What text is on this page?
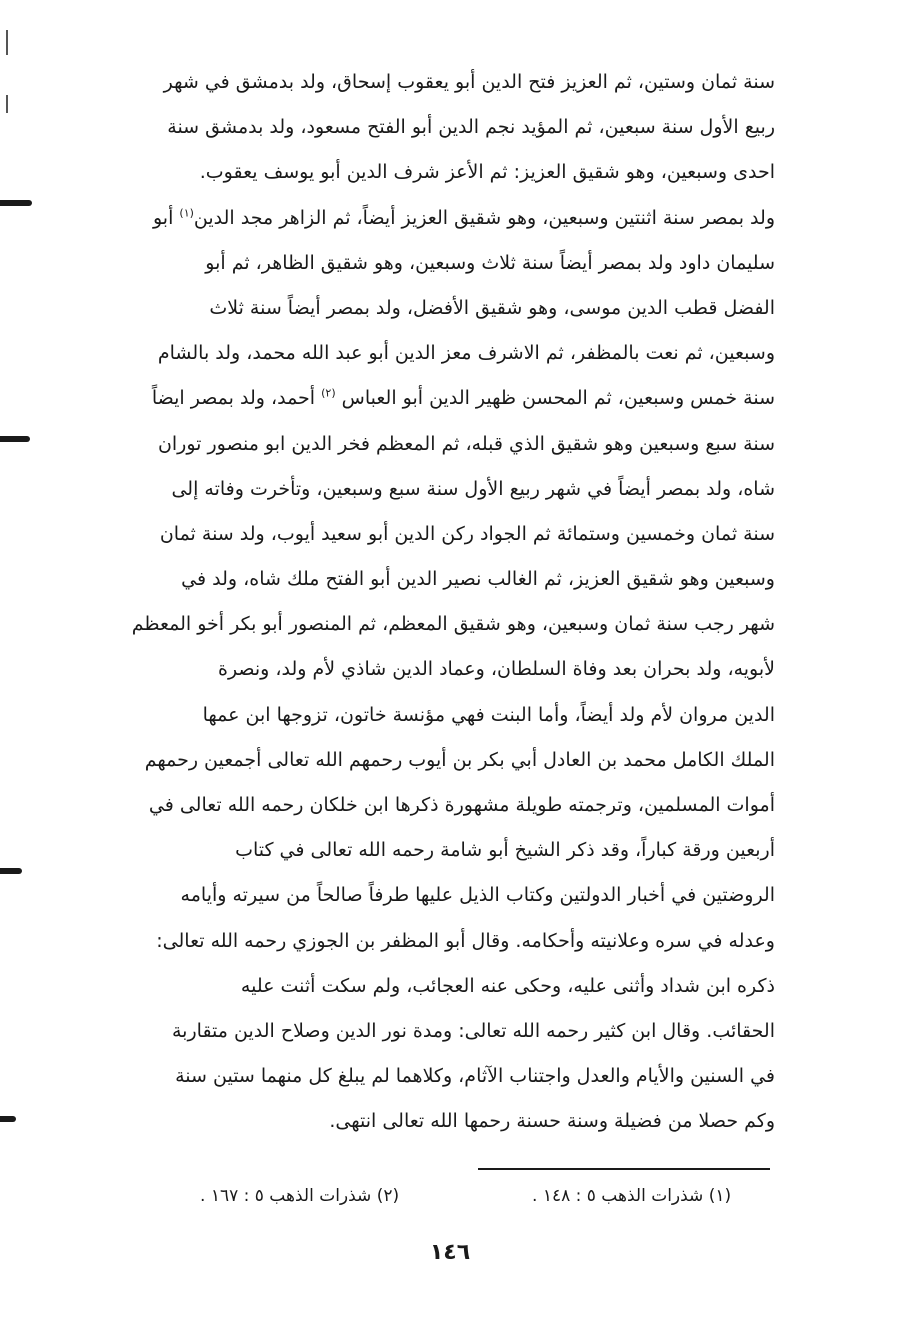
سنة ثمان وستين، ثم العزيز فتح الدين أبو يعقوب إسحاق، ولد بدمشق في شهر
ربيع الأول سنة سبعين، ثم المؤيد نجم الدين أبو الفتح مسعود، ولد بدمشق سنة
احدى وسبعين، وهو شقيق العزيز: ثم الأعز شرف الدين أبو يوسف يعقوب.
ولد بمصر سنة اثنتين وسبعين، وهو شقيق العزيز أيضاً، ثم الزاهر مجد الدين$^{(١)}$ أبو
سليمان داود ولد بمصر أيضاً سنة ثلاث وسبعين، وهو شقيق الظاهر، ثم أبو
الفضل قطب الدين موسى، وهو شقيق الأفضل، ولد بمصر أيضاً سنة ثلاث
وسبعين، ثم نعت بالمظفر، ثم الاشرف معز الدين أبو عبد الله محمد، ولد بالشام
سنة خمس وسبعين، ثم المحسن ظهير الدين أبو العباس $^{(٢)}$ أحمد، ولد بمصر ايضاً
سنة سبع وسبعين وهو شقيق الذي قبله، ثم المعظم فخر الدين ابو منصور توران
شاه، ولد بمصر أيضاً في شهر ربيع الأول سنة سبع وسبعين، وتأخرت وفاته إلى
سنة ثمان وخمسين وستمائة ثم الجواد ركن الدين أبو سعيد أيوب، ولد سنة ثمان
وسبعين وهو شقيق العزيز، ثم الغالب نصير الدين أبو الفتح ملك شاه، ولد في
شهر رجب سنة ثمان وسبعين، وهو شقيق المعظم، ثم المنصور أبو بكر أخو المعظم
لأبويه، ولد بحران بعد وفاة السلطان، وعماد الدين شاذي لأم ولد، ونصرة
الدين مروان لأم ولد أيضاً، وأما البنت فهي مؤنسة خاتون، تزوجها ابن عمها
الملك الكامل محمد بن العادل أبي بكر بن أيوب رحمهم الله تعالى أجمعين رحمهم
أموات المسلمين، وترجمته طويلة مشهورة ذكرها ابن خلكان رحمه الله تعالى في
أربعين ورقة كباراً، وقد ذكر الشيخ أبو شامة رحمه الله تعالى في كتاب
الروضتين في أخبار الدولتين وكتاب الذيل عليها طرفاً صالحاً من سيرته وأيامه
وعدله في سره وعلانيته وأحكامه. وقال أبو المظفر بن الجوزي رحمه الله تعالى:
ذكره ابن شداد وأثنى عليه، وحكى عنه العجائب، ولم سكت أثنت عليه
الحقائب. وقال ابن كثير رحمه الله تعالى: ومدة نور الدين وصلاح الدين متقاربة
في السنين والأيام والعدل واجتناب الآثام، وكلاهما لم يبلغ كل منهما ستين سنة
وكم حصلا من فضيلة وسنة حسنة رحمها الله تعالى انتهى.
(١) شذرات الذهب ٥ : ١٤٨ .
(٢) شذرات الذهب ٥ : ١٦٧ .
١٤٦
